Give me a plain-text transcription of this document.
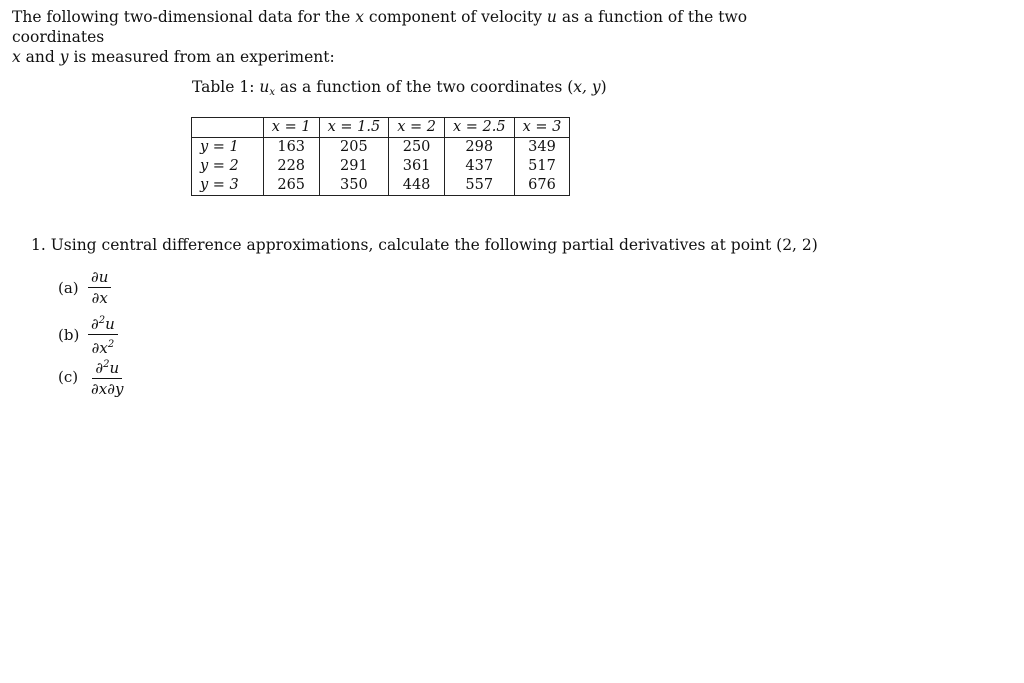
The following two-dimensional data for the x component of velocity u as a function of the two coordinates
x and y is measured from an experiment:
Table 1: $u_x$ as a function of the two coordinates (x, y)
	x = 1	x = 1.5	x = 2	x = 2.5	x = 3
y = 1	163	205	250	298	349
y = 2	228	291	361	437	517
y = 3	265	350	448	557	676
1. Using central difference approximations, calculate the following partial derivatives at point (2, 2)
$(a) \frac{\partial u}{\partial x}$
$(b) \frac{\partial^2u}{\partial x^2}$
$(c) \frac{\partial^2u}{\partial x\partial y}$
